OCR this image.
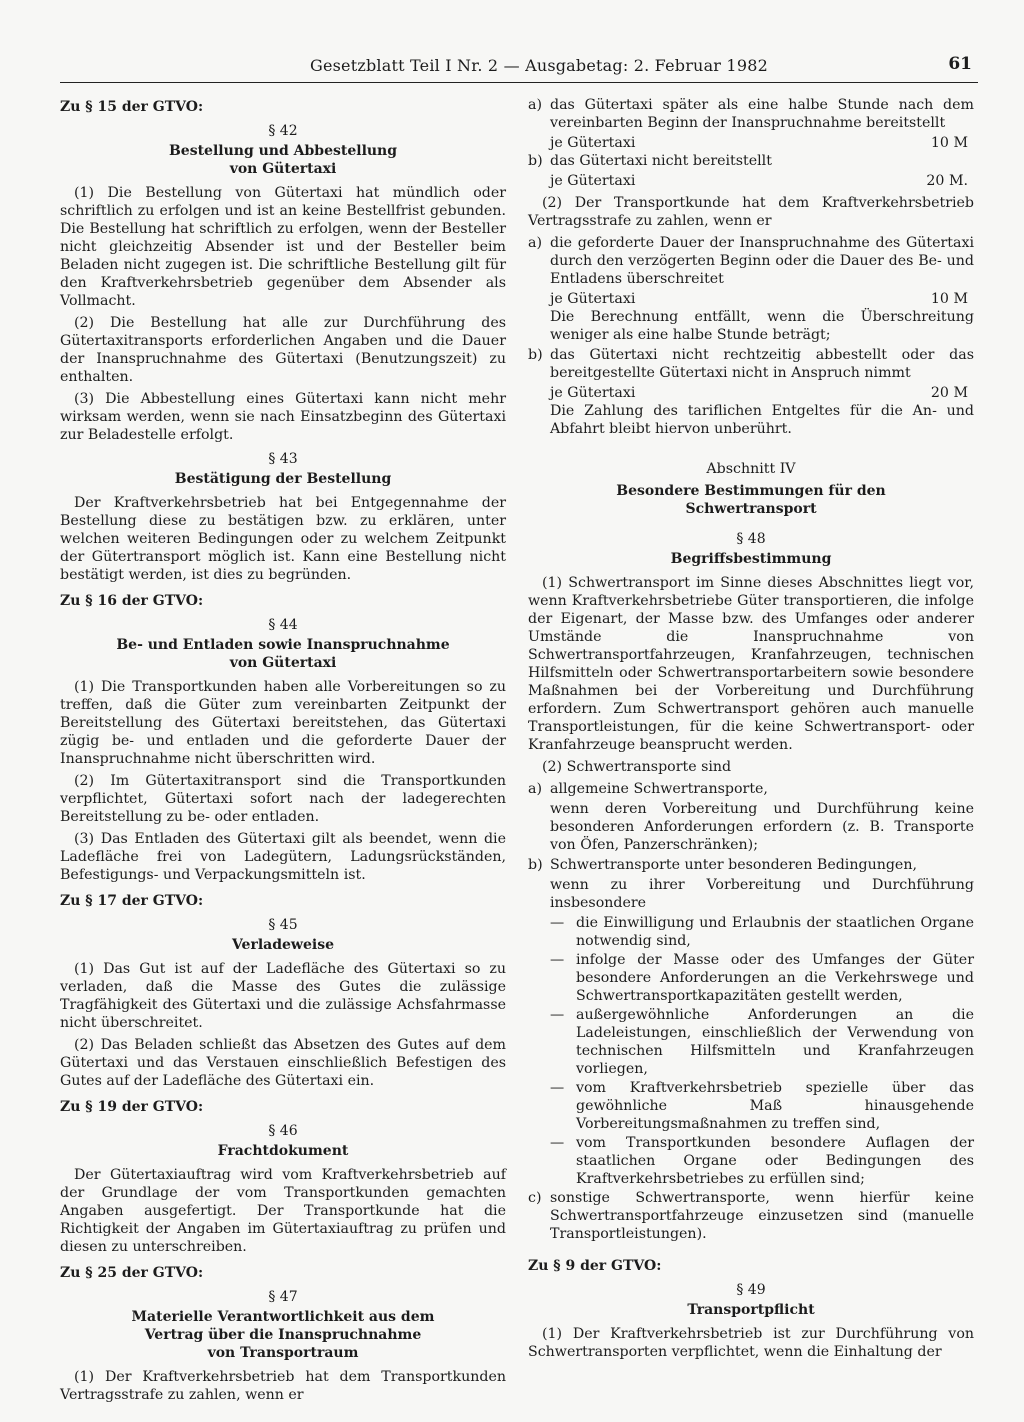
Gesetzblatt Teil I Nr. 2 — Ausgabetag: 2. Februar 1982	61
Zu § 15 der GTVO:
§ 42
Bestellung und Abbestellung
von Gütertaxi

(1) Die Bestellung von Gütertaxi hat mündlich oder schriftlich zu erfolgen und ist an keine Bestellfrist gebunden. Die Bestellung hat schriftlich zu erfolgen, wenn der Besteller nicht gleichzeitig Absender ist und der Besteller beim Beladen nicht zugegen ist. Die schriftliche Bestellung gilt für den Kraftverkehrsbetrieb gegenüber dem Absender als Vollmacht.

(2) Die Bestellung hat alle zur Durchführung des Gütertaxitransports erforderlichen Angaben und die Dauer der Inanspruchnahme des Gütertaxi (Benutzungszeit) zu enthalten.

(3) Die Abbestellung eines Gütertaxi kann nicht mehr wirksam werden, wenn sie nach Einsatzbeginn des Gütertaxi zur Beladestelle erfolgt.

§ 43
Bestätigung der Bestellung

Der Kraftverkehrsbetrieb hat bei Entgegennahme der Bestellung diese zu bestätigen bzw. zu erklären, unter welchen weiteren Bedingungen oder zu welchem Zeitpunkt der Gütertransport möglich ist. Kann eine Bestellung nicht bestätigt werden, ist dies zu begründen.

Zu § 16 der GTVO:
§ 44
Be- und Entladen sowie Inanspruchnahme
von Gütertaxi

(1) Die Transportkunden haben alle Vorbereitungen so zu treffen, daß die Güter zum vereinbarten Zeitpunkt der Bereitstellung des Gütertaxi bereitstehen, das Gütertaxi zügig be- und entladen und die geforderte Dauer der Inanspruchnahme nicht überschritten wird.

(2) Im Gütertaxitransport sind die Transportkunden verpflichtet, Gütertaxi sofort nach der ladegerechten Bereitstellung zu be- oder entladen.

(3) Das Entladen des Gütertaxi gilt als beendet, wenn die Ladefläche frei von Ladegütern, Ladungsrückständen, Befestigungs- und Verpackungsmitteln ist.

Zu § 17 der GTVO:
§ 45
Verladeweise

(1) Das Gut ist auf der Ladefläche des Gütertaxi so zu verladen, daß die Masse des Gutes die zulässige Tragfähigkeit des Gütertaxi und die zulässige Achsfahrmasse nicht überschreitet.

(2) Das Beladen schließt das Absetzen des Gutes auf dem Gütertaxi und das Verstauen einschließlich Befestigen des Gutes auf der Ladefläche des Gütertaxi ein.

Zu § 19 der GTVO:
§ 46
Frachtdokument

Der Gütertaxiauftrag wird vom Kraftverkehrsbetrieb auf der Grundlage der vom Transportkunden gemachten Angaben ausgefertigt. Der Transportkunde hat die Richtigkeit der Angaben im Gütertaxiauftrag zu prüfen und diesen zu unterschreiben.

Zu § 25 der GTVO:
§ 47
Materielle Verantwortlichkeit aus dem
Vertrag über die Inanspruchnahme
von Transportraum

(1) Der Kraftverkehrsbetrieb hat dem Transportkunden Vertragsstrafe zu zahlen, wenn er

a) das Gütertaxi später als eine halbe Stunde nach dem vereinbarten Beginn der Inanspruchnahme bereitstellt
je Gütertaxi	10 M
b) das Gütertaxi nicht bereitstellt
je Gütertaxi	20 M.

(2) Der Transportkunde hat dem Kraftverkehrsbetrieb Vertragsstrafe zu zahlen, wenn er

a) die geforderte Dauer der Inanspruchnahme des Gütertaxi durch den verzögerten Beginn oder die Dauer des Be- und Entladens überschreitet
je Gütertaxi	10 M
Die Berechnung entfällt, wenn die Überschreitung weniger als eine halbe Stunde beträgt;
b) das Gütertaxi nicht rechtzeitig abbestellt oder das bereitgestellte Gütertaxi nicht in Anspruch nimmt
je Gütertaxi	20 M
Die Zahlung des tariflichen Entgeltes für die An- und Abfahrt bleibt hiervon unberührt.
Abschnitt IV
Besondere Bestimmungen für den
Schwertransport
§ 48
Begriffsbestimmung

(1) Schwertransport im Sinne dieses Abschnittes liegt vor, wenn Kraftverkehrsbetriebe Güter transportieren, die infolge der Eigenart, der Masse bzw. des Umfanges oder anderer Umstände die Inanspruchnahme von Schwertransportfahrzeugen, Kranfahrzeugen, technischen Hilfsmitteln oder Schwertransportarbeitern sowie besondere Maßnahmen bei der Vorbereitung und Durchführung erfordern. Zum Schwertransport gehören auch manuelle Transportleistungen, für die keine Schwertransport- oder Kranfahrzeuge beansprucht werden.

(2) Schwertransporte sind

a) allgemeine Schwertransporte,
wenn deren Vorbereitung und Durchführung keine besonderen Anforderungen erfordern (z. B. Transporte von Öfen, Panzerschränken);
b) Schwertransporte unter besonderen Bedingungen,
wenn zu ihrer Vorbereitung und Durchführung insbesondere
— die Einwilligung und Erlaubnis der staatlichen Organe notwendig sind,
— infolge der Masse oder des Umfanges der Güter besondere Anforderungen an die Verkehrswege und Schwertransportkapazitäten gestellt werden,
— außergewöhnliche Anforderungen an die Ladeleistungen, einschließlich der Verwendung von technischen Hilfsmitteln und Kranfahrzeugen vorliegen,
— vom Kraftverkehrsbetrieb spezielle über das gewöhnliche Maß hinausgehende Vorbereitungsmaßnahmen zu treffen sind,
— vom Transportkunden besondere Auflagen der staatlichen Organe oder Bedingungen des Kraftverkehrsbetriebes zu erfüllen sind;
c) sonstige Schwertransporte, wenn hierfür keine Schwertransportfahrzeuge einzusetzen sind (manuelle Transportleistungen).
Zu § 9 der GTVO:
§ 49
Transportpflicht

(1) Der Kraftverkehrsbetrieb ist zur Durchführung von Schwertransporten verpflichtet, wenn die Einhaltung der
